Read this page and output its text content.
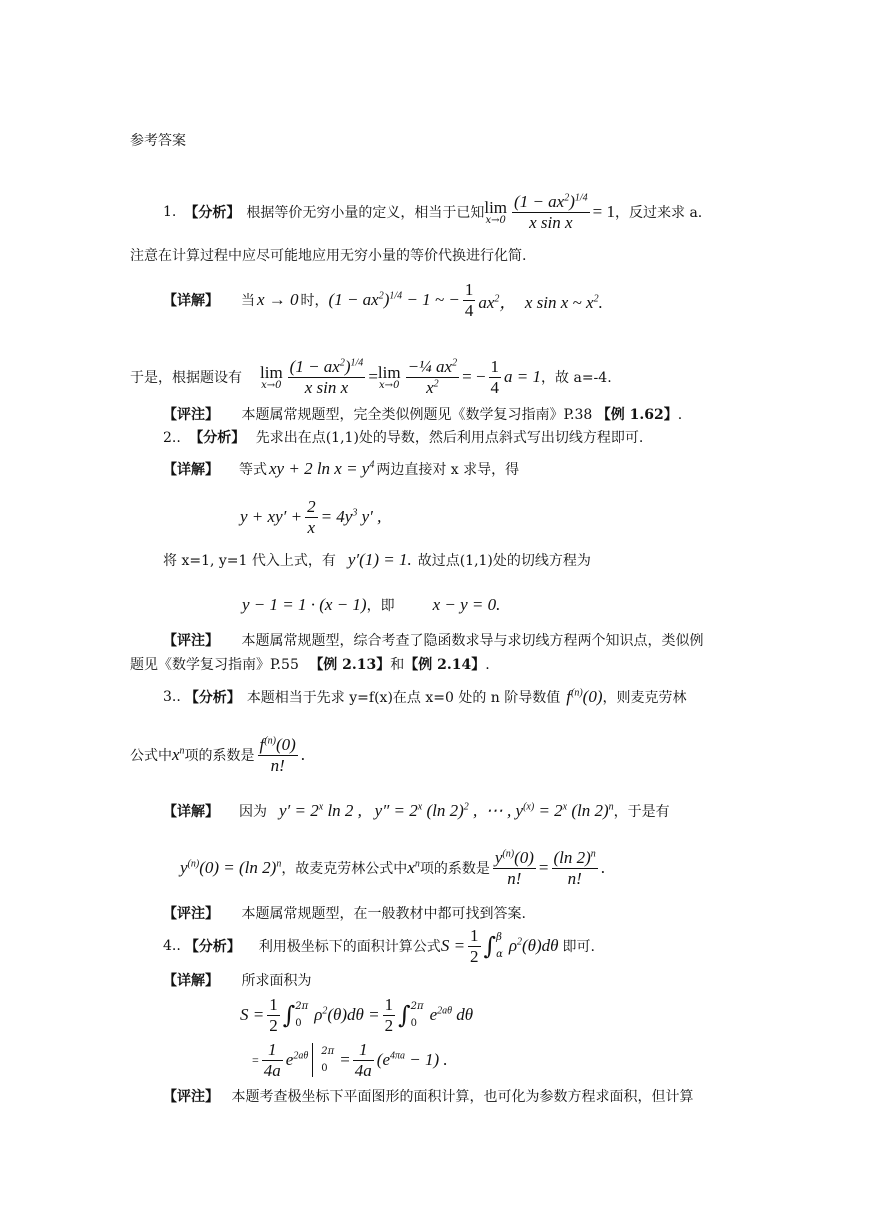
参考答案
1. 【分析】 根据等价无穷小量的定义，相当于已知 lim
$x\to 0 \frac{(1 - ax^2)^{1/4}}{\text{x sin x}} = 1$ ，反过来求 a.
注意在计算过程中应尽可能地应用无穷小量的等价代换进行化简.
【详解】 当 x → 0 时， $(1 - ax^2)^{1/4} - 1$ ~ − $\frac{1}{4} ax^2$，  x sin x ~ $x^2$.
于是，根据题设有 lim
$x\to 0 \frac{(1 - ax^2)^{1/4}}{\text{x sin x}} = \lim$
$x\to 0 \frac{-\frac{1}{4} ax^2}{x^2}$ = − $\frac{1}{4}$ a = 1 ，故 a=-4.
【评注】 本题属常规题型，完全类似例题见《数学复习指南》P.38 【例 1.62】.
2.. 【分析】 先求出在点(1,1)处的导数，然后利用点斜式写出切线方程即可.
【详解】 等式 xy + 2 $\ln x = y^4$ 两边直接对 x 求导，得
$y + xy' + \frac{2}{x} = 4y^3$ y′ ,
将 x=1, y=1 代入上式，有 y′(1) = 1. 故过点(1,1)处的切线方程为
y − 1 = 1 · (x − 1) ，即 x − y = 0.
【评注】 本题属常规题型，综合考查了隐函数求导与求切线方程两个知识点，类似例
题见《数学复习指南》P.55 【例 2.13】和【例 2.14】.
3.. 【分析】 本题相当于先求 y=f(x)在点 x=0 处的 n 阶导数值 $f^{(n)}(0)$ ，则麦克劳林
公式中 $x^n$ 项的系数是 $\frac{f^{(n)}(0)}{n!}$ .
【详解】 因为 $y' = 2^x$ ln 2 ,   $y'' = 2^x$ (ln 2)$^2$ ,  ⋯ , $y^{(x)} = 2^x$ (ln 2)$^n$ ，于是有
$y^{(n)}(0) = (\ln$ 2)$^n$ ，故麦克劳林公式中 $x^n$ 项的系数是 $\frac{y^{(n)}(0)}{n!} = \frac{(\ln 2)^n}{n!}$ .
【评注】 本题属常规题型，在一般教材中都可找到答案.
4.. 【分析】 利用极坐标下的面积计算公式 $S = \frac{1}{2}$ ∫ β
α $\rho^2(\theta)d\theta$ 即可.
【详解】 所求面积为
$S = \frac{1}{2}$ ∫ 2π
0 $\rho^2(\theta)d\theta = \frac{1}{2}$ ∫ 2π
0 $e^{2a\theta}$ dθ
= $\frac{1}{4a} e^{2a\theta}$ 2π
$0 = \frac{1}{4a} (e^{4\pi a} - 1)$ .
【评注】 本题考查极坐标下平面图形的面积计算，也可化为参数方程求面积，但计算
